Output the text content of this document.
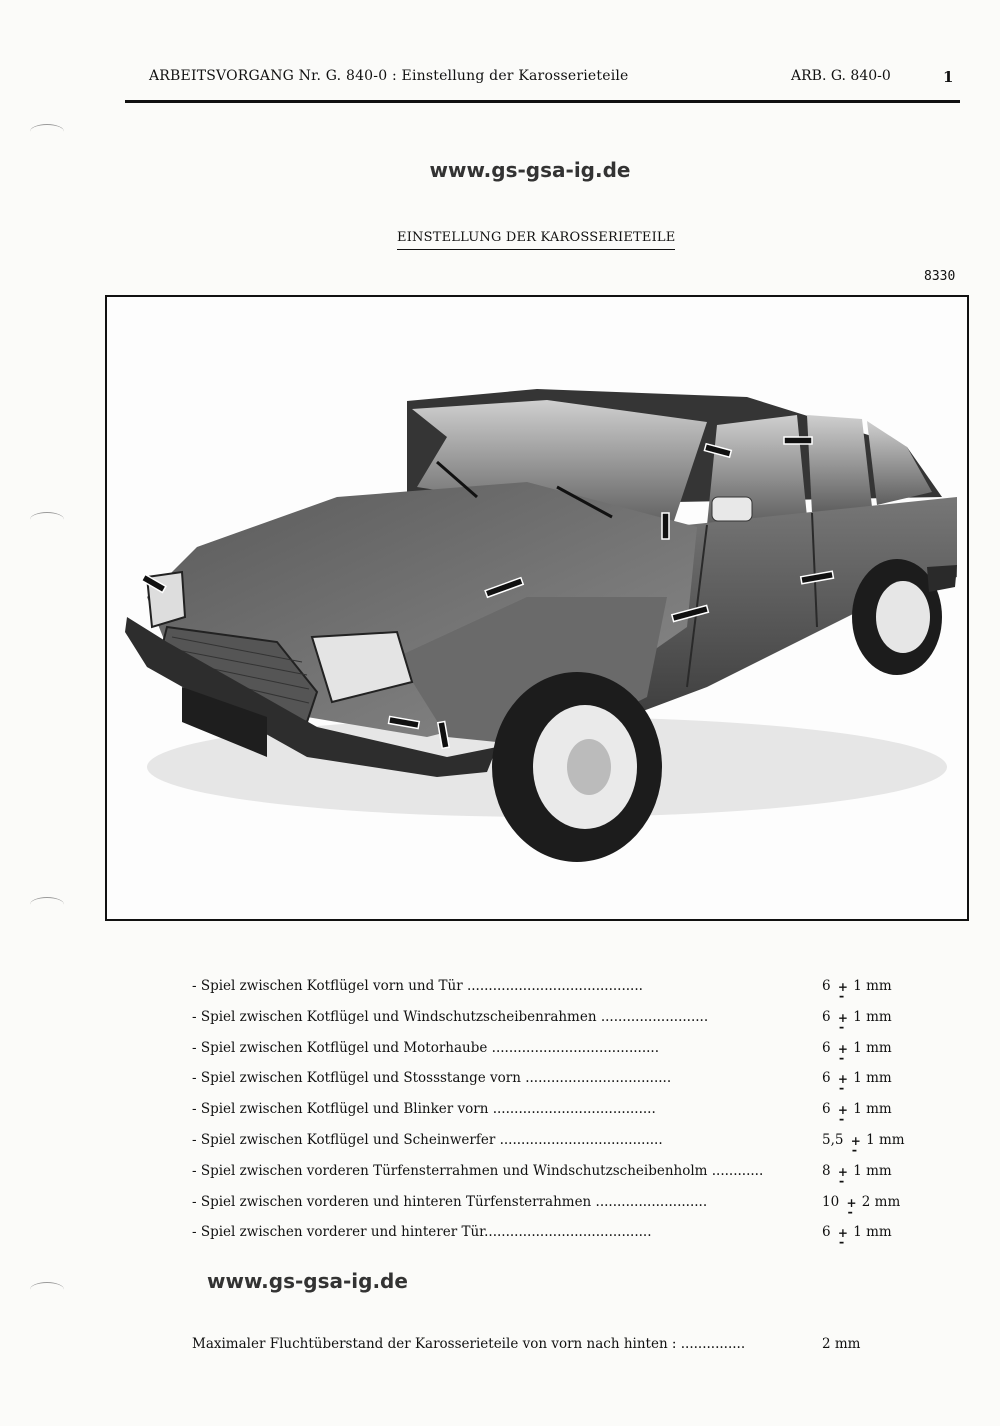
ARBEITSVORGANG Nr. G. 840-0 : Einstellung der Karosserieteile	ARB. G. 840-0	1
www.gs-gsa-ig.de
EINSTELLUNG DER KAROSSERIETEILE
8330
- Spiel zwischen Kotflügel vorn und Tür .........................................	6 1 mm
- Spiel zwischen Kotflügel und Windschutzscheibenrahmen .........................	6 1 mm
- Spiel zwischen Kotflügel und Motorhaube .......................................	6 1 mm
- Spiel zwischen Kotflügel und Stossstange vorn ..................................	6 1 mm
- Spiel zwischen Kotflügel und Blinker vorn ......................................	6 1 mm
- Spiel zwischen Kotflügel und Scheinwerfer ......................................	5,5 1 mm
- Spiel zwischen vorderen Türfensterrahmen und Windschutzscheibenholm ............	8 1 mm
- Spiel zwischen vorderen und hinteren Türfensterrahmen ..........................	10 2 mm
- Spiel zwischen vorderer und hinterer Tür.......................................	6 1 mm
www.gs-gsa-ig.de
Maximaler Fluchtüberstand der Karosserieteile von vorn nach hinten : ...............	2 mm
